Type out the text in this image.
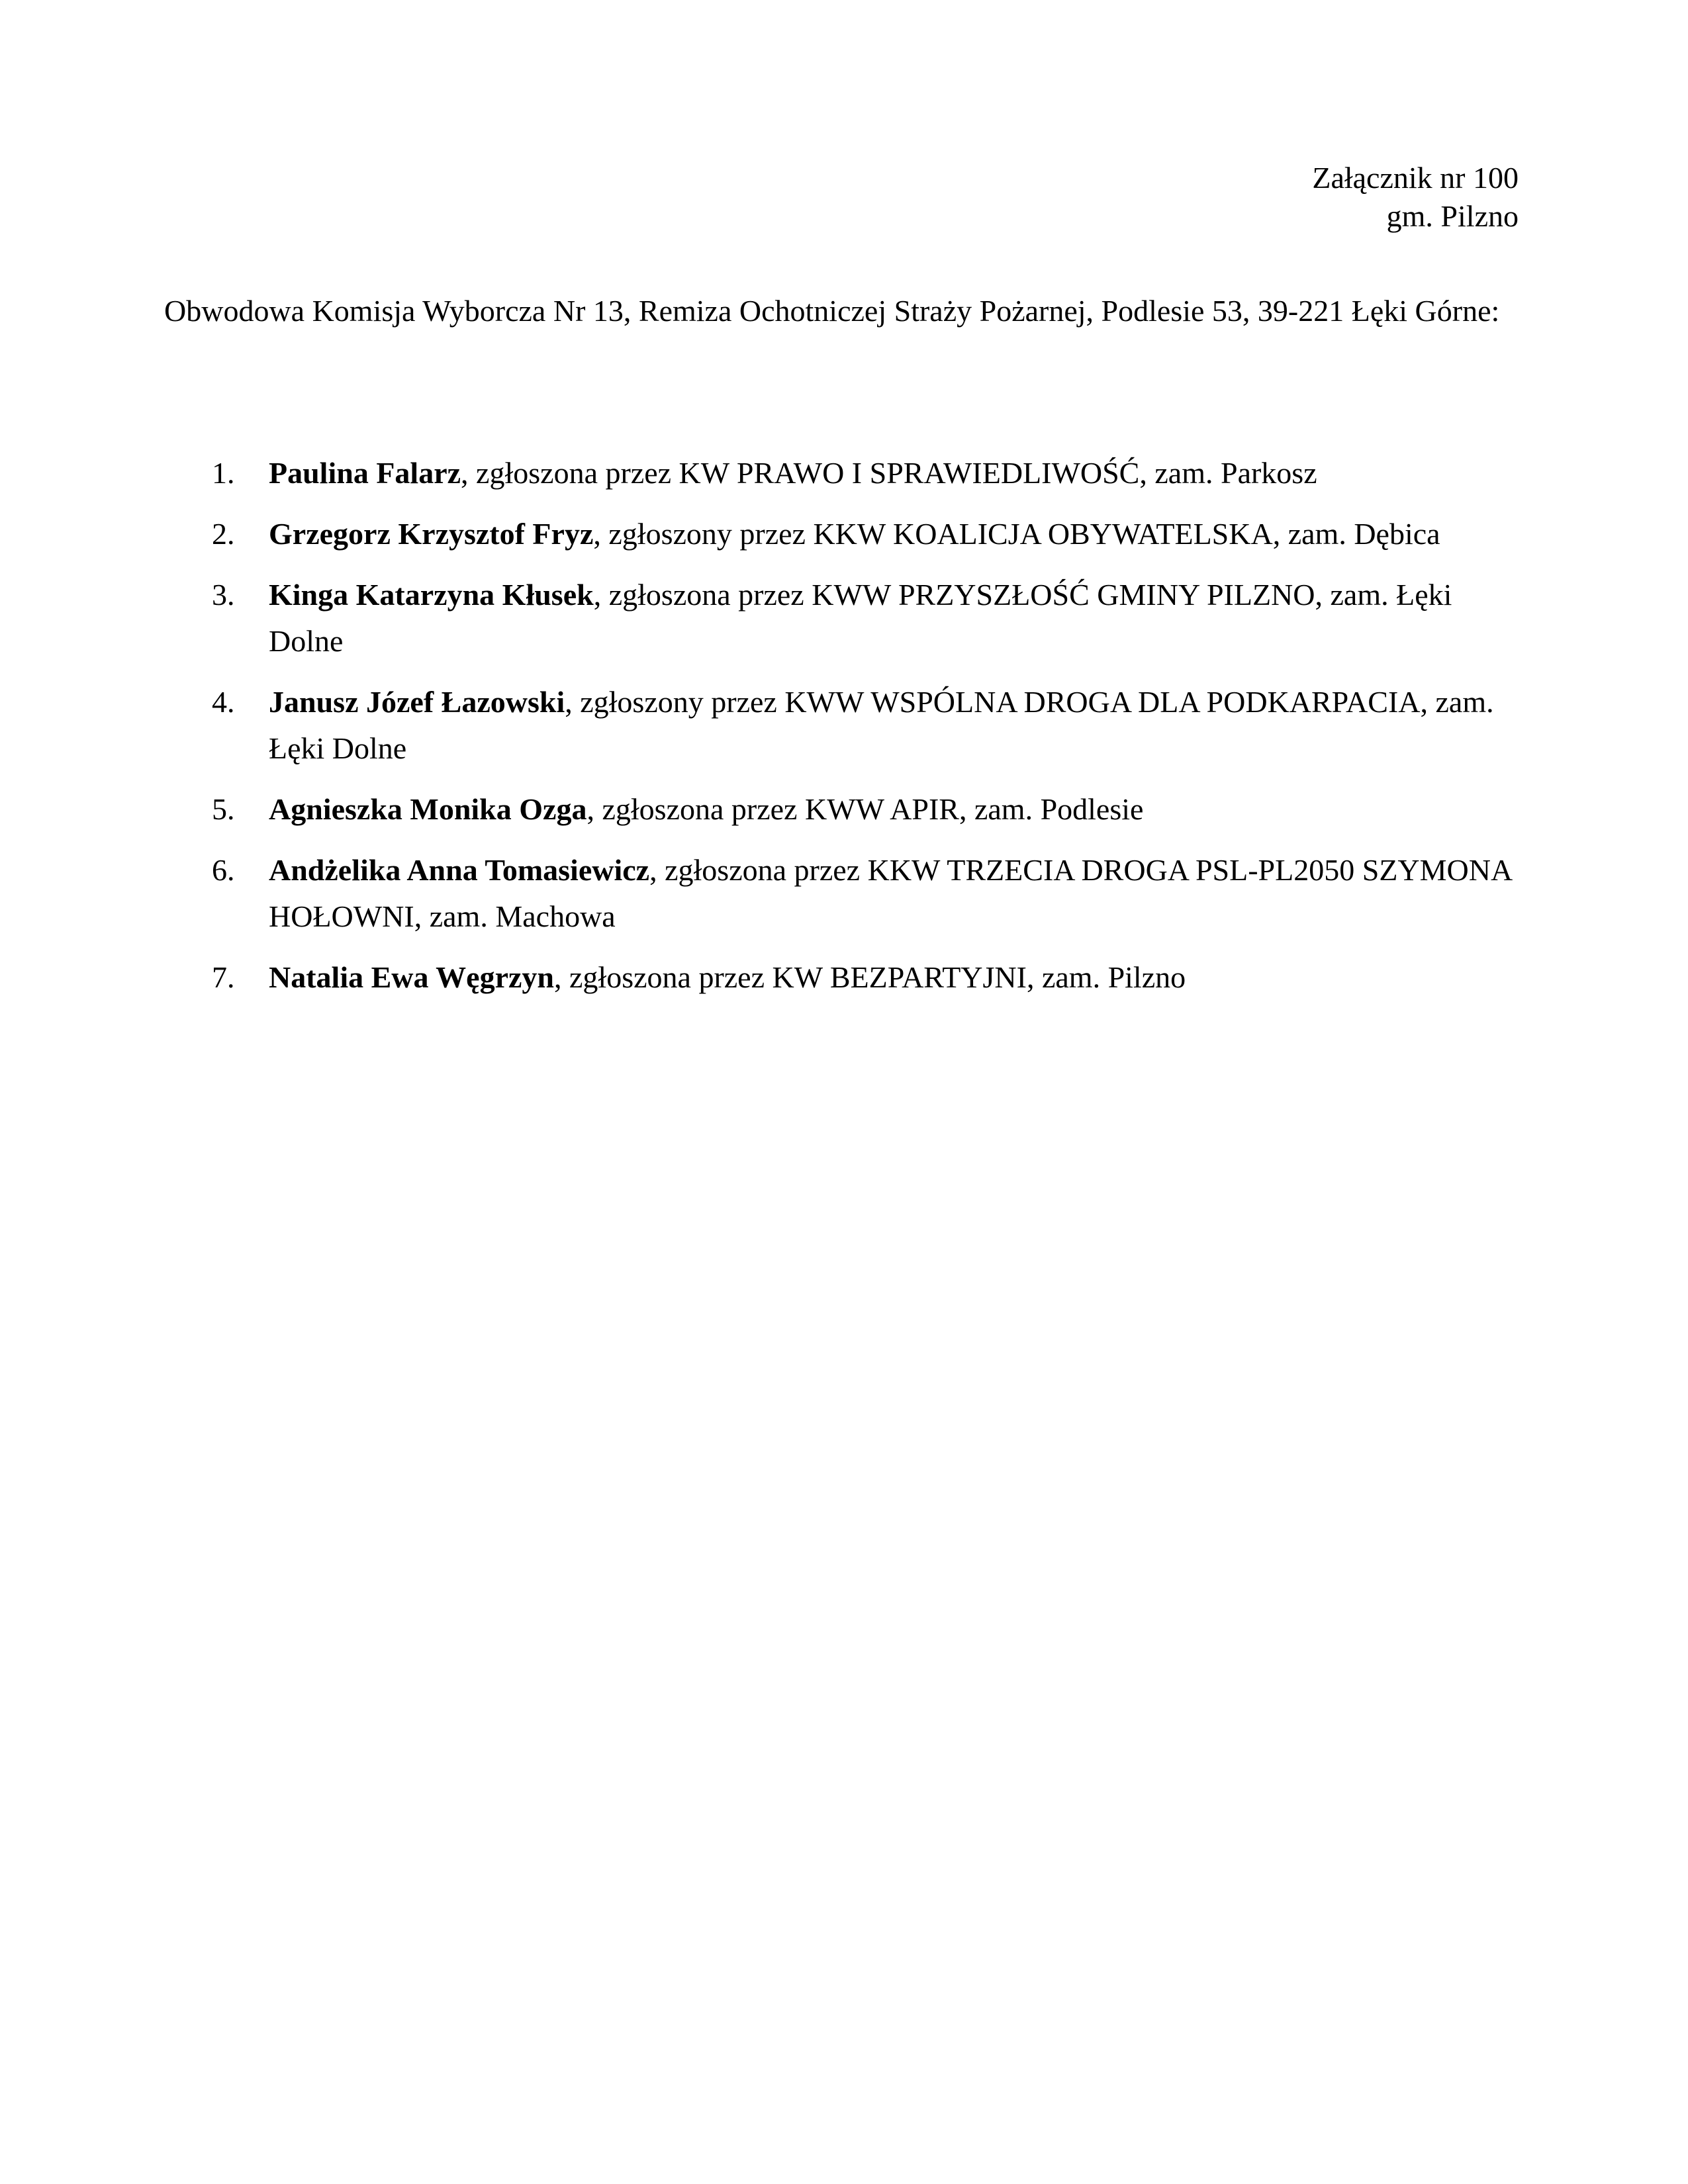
Załącznik nr 100
gm. Pilzno
Obwodowa Komisja Wyborcza Nr 13, Remiza Ochotniczej Straży Pożarnej, Podlesie 53, 39-221 Łęki Górne:
1.	Paulina Falarz, zgłoszona przez KW PRAWO I SPRAWIEDLIWOŚĆ, zam. Parkosz
2.	Grzegorz Krzysztof Fryz, zgłoszony przez KKW KOALICJA OBYWATELSKA, zam. Dębica
3.	Kinga Katarzyna Kłusek, zgłoszona przez KWW PRZYSZŁOŚĆ GMINY PILZNO, zam. Łęki Dolne
4.	Janusz Józef Łazowski, zgłoszony przez KWW WSPÓLNA DROGA DLA PODKARPACIA, zam. Łęki Dolne
5.	Agnieszka Monika Ozga, zgłoszona przez KWW APIR, zam. Podlesie
6.	Andżelika Anna Tomasiewicz, zgłoszona przez KKW TRZECIA DROGA PSL-PL2050 SZYMONA HOŁOWNI, zam. Machowa
7.	Natalia Ewa Węgrzyn, zgłoszona przez KW BEZPARTYJNI, zam. Pilzno
